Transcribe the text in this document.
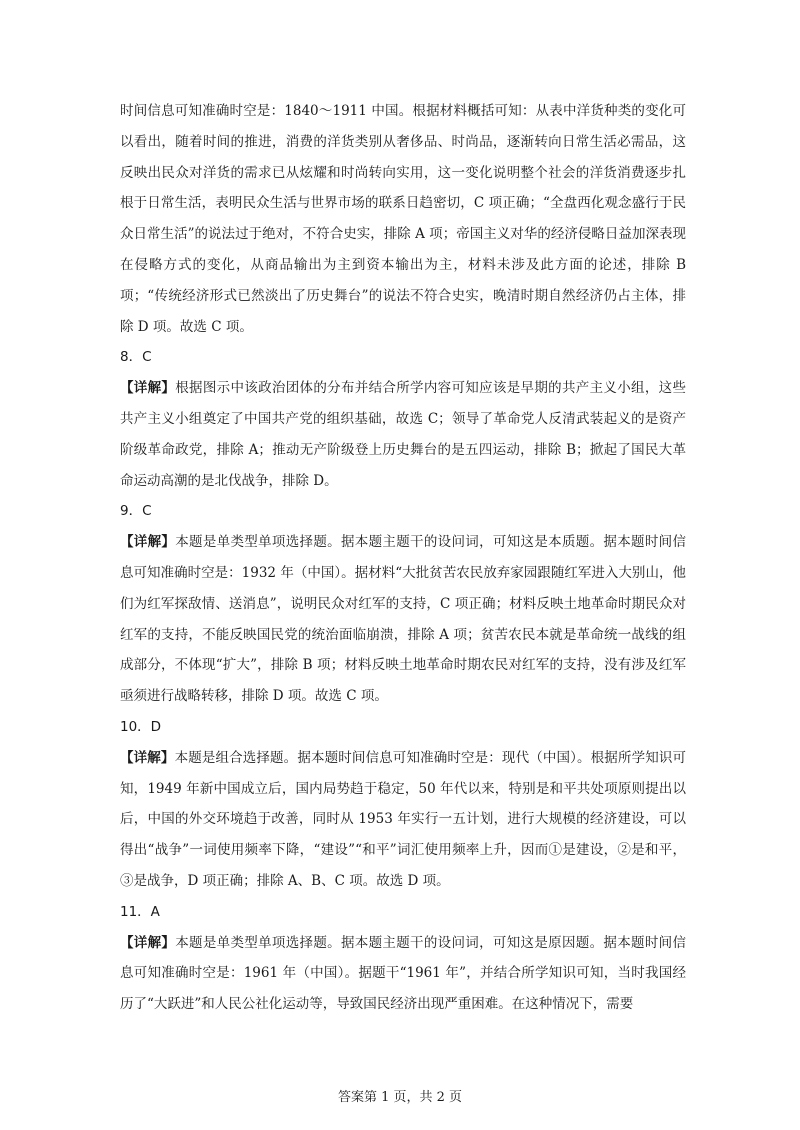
时间信息可知准确时空是：1840～1911 中国。根据材料概括可知：从表中洋货种类的变化可以看出，随着时间的推进，消费的洋货类别从奢侈品、时尚品，逐渐转向日常生活必需品，这反映出民众对洋货的需求已从炫耀和时尚转向实用，这一变化说明整个社会的洋货消费逐步扎根于日常生活，表明民众生活与世界市场的联系日趋密切，C 项正确；“全盘西化观念盛行于民众日常生活”的说法过于绝对，不符合史实，排除 A 项；帝国主义对华的经济侵略日益加深表现在侵略方式的变化，从商品输出为主到资本输出为主，材料未涉及此方面的论述，排除 B 项；“传统经济形式已然淡出了历史舞台”的说法不符合史实，晚清时期自然经济仍占主体，排除 D 项。故选 C 项。

8．C

【详解】根据图示中该政治团体的分布并结合所学内容可知应该是早期的共产主义小组，这些共产主义小组奠定了中国共产党的组织基础，故选 C；领导了革命党人反清武装起义的是资产阶级革命政党，排除 A；推动无产阶级登上历史舞台的是五四运动，排除 B；掀起了国民大革命运动高潮的是北伐战争，排除 D。

9．C

【详解】本题是单类型单项选择题。据本题主题干的设问词，可知这是本质题。据本题时间信息可知准确时空是：1932 年（中国）。据材料“大批贫苦农民放弃家园跟随红军进入大别山，他们为红军探敌情、送消息”，说明民众对红军的支持，C 项正确；材料反映土地革命时期民众对红军的支持，不能反映国民党的统治面临崩溃，排除 A 项；贫苦农民本就是革命统一战线的组成部分，不体现“扩大”，排除 B 项；材料反映土地革命时期农民对红军的支持，没有涉及红军亟须进行战略转移，排除 D 项。故选 C 项。

10．D

【详解】本题是组合选择题。据本题时间信息可知准确时空是：现代（中国）。根据所学知识可知，1949 年新中国成立后，国内局势趋于稳定，50 年代以来，特别是和平共处项原则提出以后，中国的外交环境趋于改善，同时从 1953 年实行一五计划，进行大规模的经济建设，可以得出“战争”一词使用频率下降，“建设”“和平”词汇使用频率上升，因而①是建设，②是和平，③是战争，D 项正确；排除 A、B、C 项。故选 D 项。

11．A

【详解】本题是单类型单项选择题。据本题主题干的设问词，可知这是原因题。据本题时间信息可知准确时空是：1961 年（中国）。据题干“1961 年”，并结合所学知识可知，当时我国经历了“大跃进”和人民公社化运动等，导致国民经济出现严重困难。在这种情况下，需要

答案第 1 页，共 2 页
